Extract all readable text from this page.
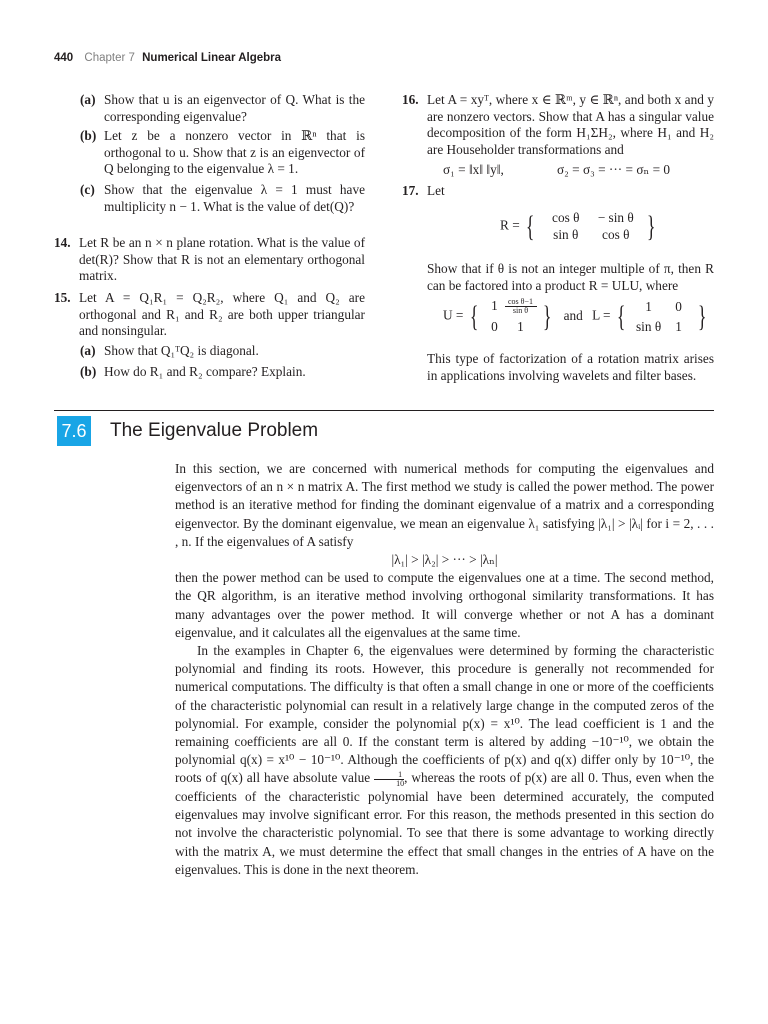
440 Chapter 7 Numerical Linear Algebra
(a) Show that u is an eigenvector of Q. What is the corresponding eigenvalue?
(b) Let z be a nonzero vector in ℝⁿ that is orthogonal to u. Show that z is an eigenvector of Q belonging to the eigenvalue λ = 1.
(c) Show that the eigenvalue λ = 1 must have multiplicity n − 1. What is the value of det(Q)?
14. Let R be an n × n plane rotation. What is the value of det(R)? Show that R is not an elementary orthogonal matrix.
15. Let A = Q₁R₁ = Q₂R₂, where Q₁ and Q₂ are orthogonal and R₁ and R₂ are both upper triangular and nonsingular.
(a) Show that Q₁ᵀQ₂ is diagonal.
(b) How do R₁ and R₂ compare? Explain.
16. Let A = xyᵀ, where x ∈ ℝᵐ, y ∈ ℝⁿ, and both x and y are nonzero vectors. Show that A has a singular value decomposition of the form H₁ΣH₂, where H₁ and H₂ are Householder transformations and
σ₁ = ‖x‖ ‖y‖,	σ₂ = σ₃ = ··· = σₙ = 0
17. Let
R = {	cos θ	− sin θ
sin θ	cos θ }
Show that if θ is not an integer multiple of π, then R can be factored into a product R = ULU, where
U = { $1 \frac{\text{cos θ−1}}{\text{sin θ}}$
0	1 } and L = {	1	0
sin θ	1 }
This type of factorization of a rotation matrix arises in applications involving wavelets and filter bases.
7.6 The Eigenvalue Problem

In this section, we are concerned with numerical methods for computing the eigenvalues and eigenvectors of an n × n matrix A. The first method we study is called the power method. The power method is an iterative method for finding the dominant eigenvalue of a matrix and a corresponding eigenvector. By the dominant eigenvalue, we mean an eigenvalue λ₁ satisfying |λ₁| > |λᵢ| for i = 2, . . . , n. If the eigenvalues of A satisfy

|λ₁| > |λ₂| > ··· > |λₙ|

then the power method can be used to compute the eigenvalues one at a time. The second method, the QR algorithm, is an iterative method involving orthogonal similarity transformations. It has many advantages over the power method. It will converge whether or not A has a dominant eigenvalue, and it calculates all the eigenvalues at the same time.

In the examples in Chapter 6, the eigenvalues were determined by forming the characteristic polynomial and finding its roots. However, this procedure is generally not recommended for numerical computations. The difficulty is that often a small change in one or more of the coefficients of the characteristic polynomial can result in a relatively large change in the computed zeros of the polynomial. For example, consider the polynomial p(x) = x¹⁰. The lead coefficient is 1 and the remaining coefficients are all 0. If the constant term is altered by adding −10⁻¹⁰, we obtain the polynomial q(x) = x¹⁰ − 10⁻¹⁰. Although the coefficients of p(x) and q(x) differ only by 10⁻¹⁰, the roots of q(x) all have absolute value $\frac{1}{10}$ , whereas the roots of p(x) are all 0. Thus, even when the coefficients of the characteristic polynomial have been determined accurately, the computed eigenvalues may involve significant error. For this reason, the methods presented in this section do not involve the characteristic polynomial. To see that there is some advantage to working directly with the matrix A, we must determine the effect that small changes in the entries of A have on the eigenvalues. This is done in the next theorem.
